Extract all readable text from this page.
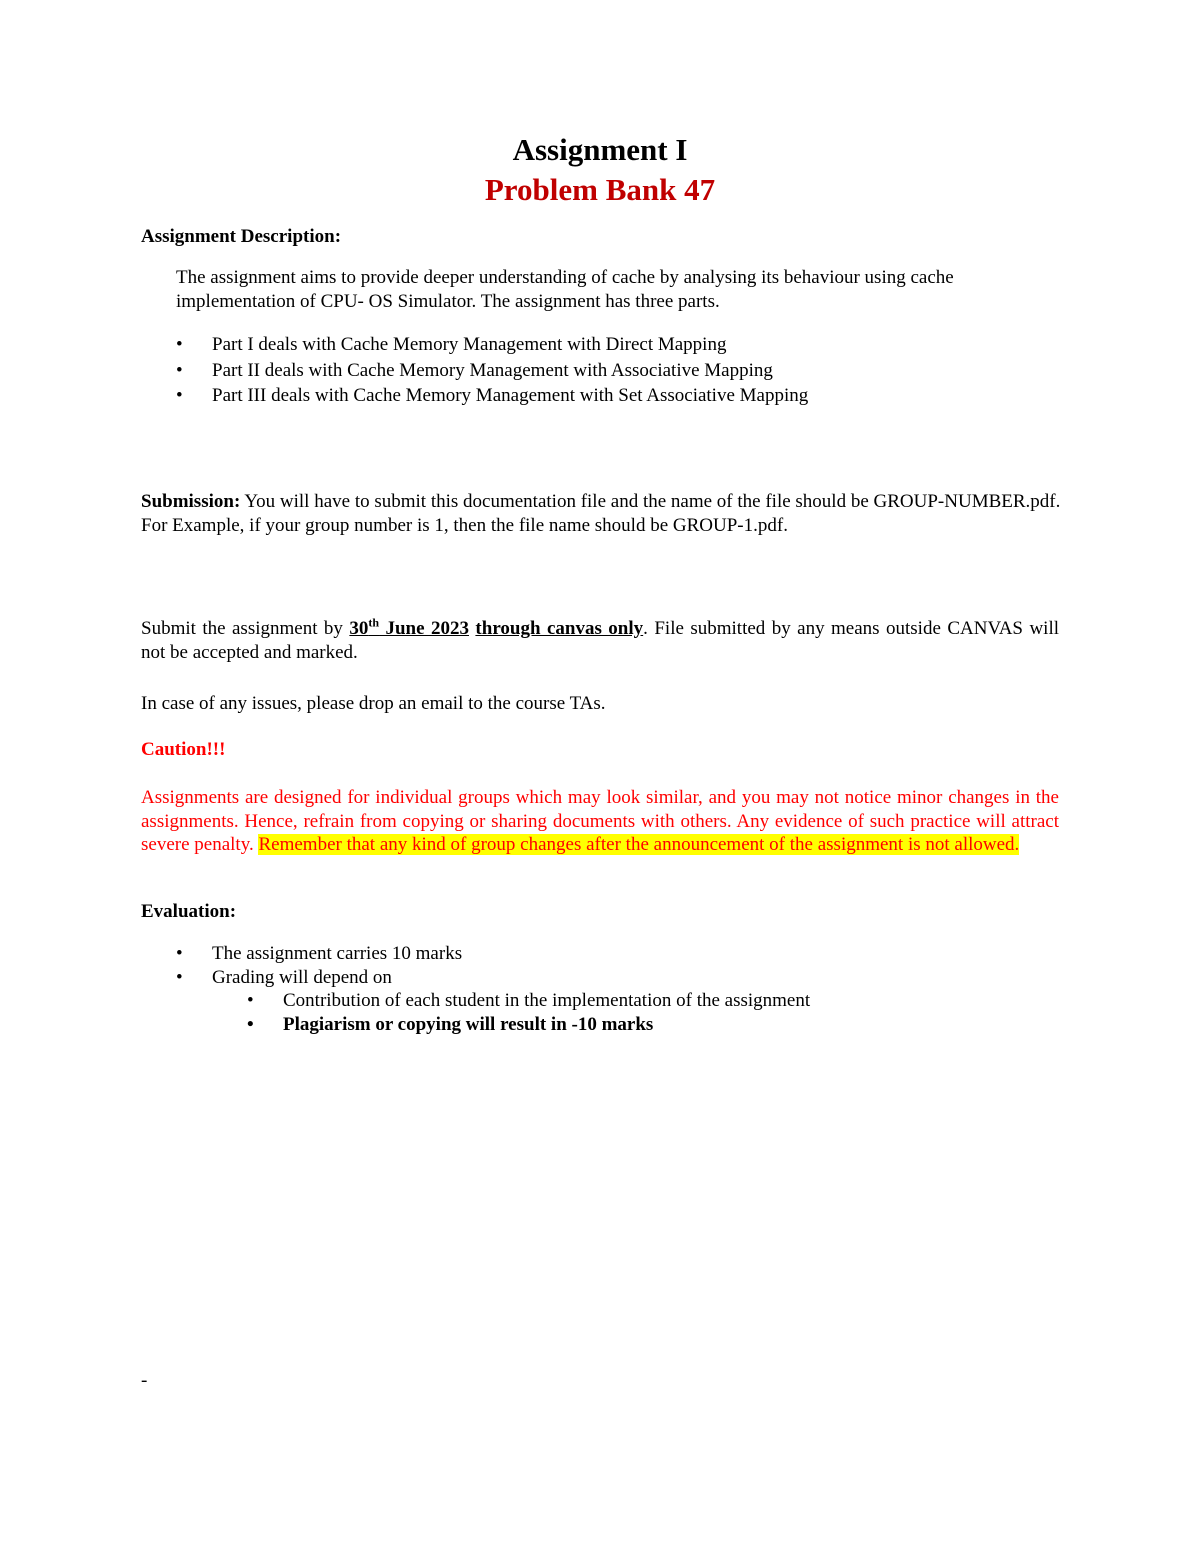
Assignment I
Problem Bank 47

Assignment Description:

The assignment aims to provide deeper understanding of cache by analysing its behaviour using cache implementation of CPU- OS Simulator. The assignment has three parts.

•	Part I deals with Cache Memory Management with Direct Mapping
•	Part II deals with Cache Memory Management with Associative Mapping
•	Part III deals with Cache Memory Management with Set Associative Mapping

Submission: You will have to submit this documentation file and the name of the file should be GROUP-NUMBER.pdf. For Example, if your group number is 1, then the file name should be GROUP-1.pdf.

Submit the assignment by 30th June 2023 through canvas only. File submitted by any means outside CANVAS will not be accepted and marked.

In case of any issues, please drop an email to the course TAs.

Caution!!!

Assignments are designed for individual groups which may look similar, and you may not notice minor changes in the assignments. Hence, refrain from copying or sharing documents with others. Any evidence of such practice will attract severe penalty. Remember that any kind of group changes after the announcement of the assignment is not allowed.

Evaluation:

•	The assignment carries 10 marks
•	Grading will depend on
•	Contribution of each student in the implementation of the assignment
•	Plagiarism or copying will result in -10 marks
-
